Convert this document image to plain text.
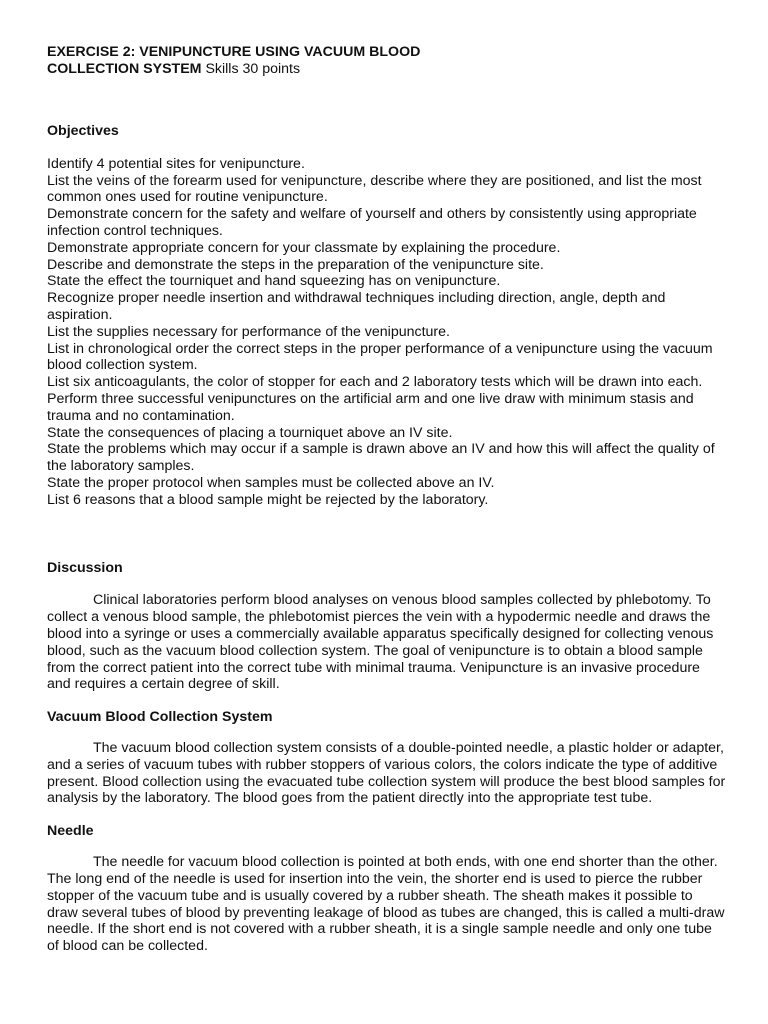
EXERCISE 2: VENIPUNCTURE USING VACUUM BLOOD

COLLECTION SYSTEM Skills 30 points

Objectives

Identify 4 potential sites for venipuncture.
List the veins of the forearm used for venipuncture, describe where they are positioned, and list the most common ones used for routine venipuncture.
Demonstrate concern for the safety and welfare of yourself and others by consistently using appropriate infection control techniques.
Demonstrate appropriate concern for your classmate by explaining the procedure.
Describe and demonstrate the steps in the preparation of the venipuncture site.
State the effect the tourniquet and hand squeezing has on venipuncture.
Recognize proper needle insertion and withdrawal techniques including direction, angle, depth and aspiration.
List the supplies necessary for performance of the venipuncture.
List in chronological order the correct steps in the proper performance of a venipuncture using the vacuum blood collection system.
List six anticoagulants, the color of stopper for each and 2 laboratory tests which will be drawn into each.
Perform three successful venipunctures on the artificial arm and one live draw with minimum stasis and trauma and no contamination.
State the consequences of placing a tourniquet above an IV site.
State the problems which may occur if a sample is drawn above an IV and how this will affect the quality of the laboratory samples.
State the proper protocol when samples must be collected above an IV.
List 6 reasons that a blood sample might be rejected by the laboratory.

Discussion

Clinical laboratories perform blood analyses on venous blood samples collected by phlebotomy. To collect a venous blood sample, the phlebotomist pierces the vein with a hypodermic needle and draws the blood into a syringe or uses a commercially available apparatus specifically designed for collecting venous blood, such as the vacuum blood collection system. The goal of venipuncture is to obtain a blood sample from the correct patient into the correct tube with minimal trauma. Venipuncture is an invasive procedure and requires a certain degree of skill.

Vacuum Blood Collection System

The vacuum blood collection system consists of a double-pointed needle, a plastic holder or adapter, and a series of vacuum tubes with rubber stoppers of various colors, the colors indicate the type of additive present. Blood collection using the evacuated tube collection system will produce the best blood samples for analysis by the laboratory. The blood goes from the patient directly into the appropriate test tube.

Needle

The needle for vacuum blood collection is pointed at both ends, with one end shorter than the other. The long end of the needle is used for insertion into the vein, the shorter end is used to pierce the rubber stopper of the vacuum tube and is usually covered by a rubber sheath. The sheath makes it possible to draw several tubes of blood by preventing leakage of blood as tubes are changed, this is called a multi-draw needle. If the short end is not covered with a rubber sheath, it is a single sample needle and only one tube of blood can be collected.
